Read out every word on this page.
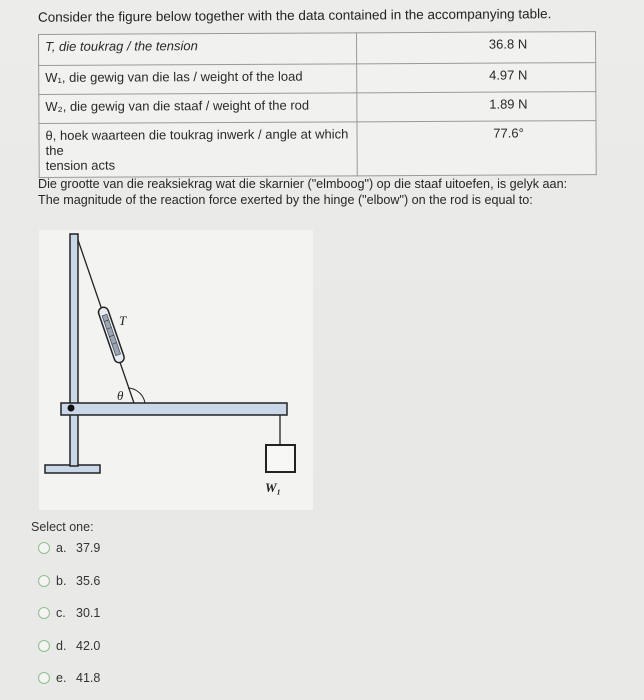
Consider the figure below together with the data contained in the accompanying table.
T, die toukrag / the tension	36.8 N
W₁, die gewig van die las / weight of the load	4.97 N
W₂, die gewig van die staaf / weight of the rod	1.89 N

θ, hoek waarteen die toukrag inwerk / angle at which the
tension acts	77.6°
Die grootte van die reaksiekrag wat die skarnier ("elmboog") op die staaf uitoefen, is gelyk aan:
The magnitude of the reaction force exerted by the hinge ("elbow") on the rod is equal to:
T
θ
W₁
Select one:
a. 37.9
b. 35.6
c. 30.1
d. 42.0
e. 41.8
